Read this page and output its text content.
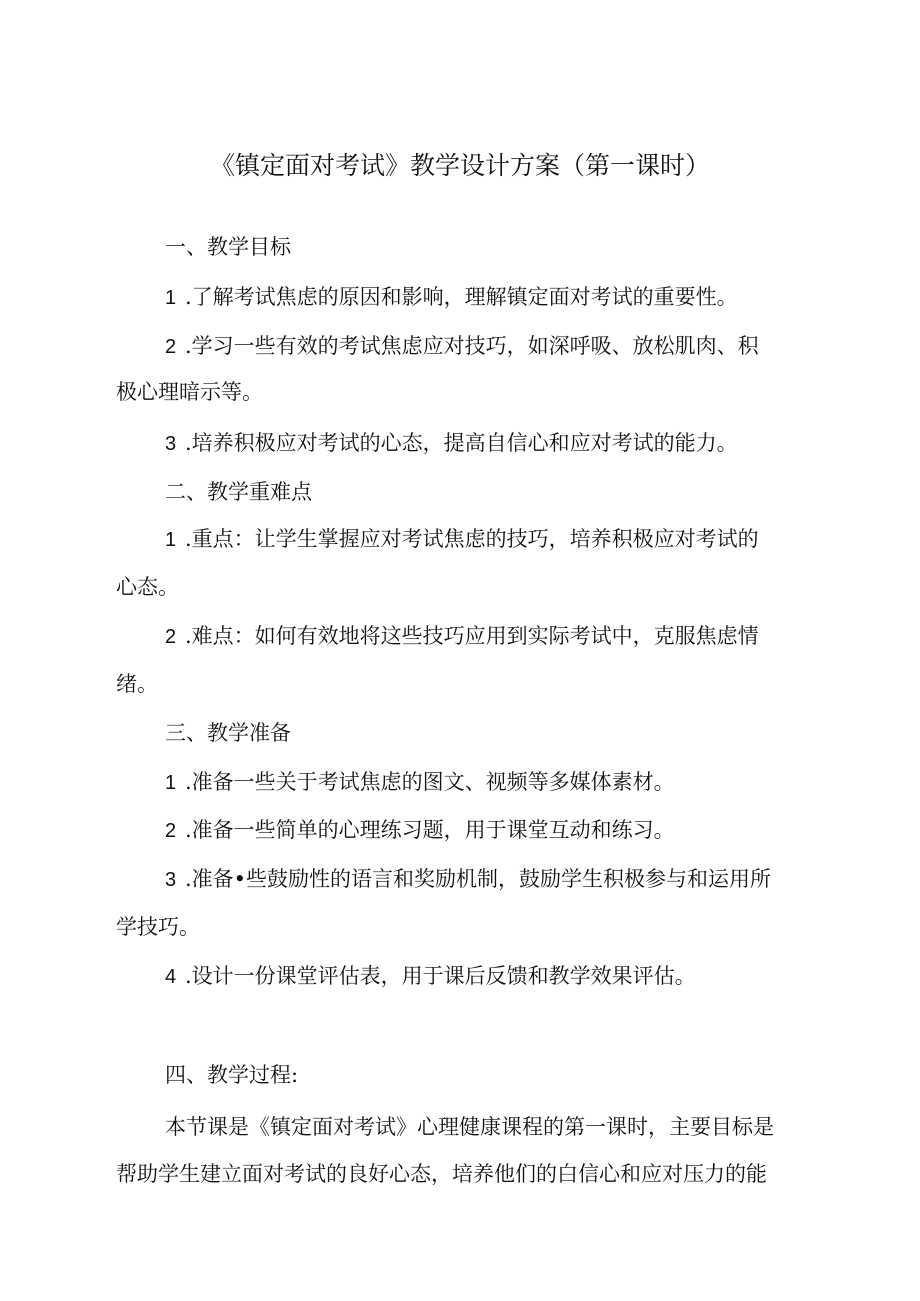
《镇定面对考试》教学设计方案（第一课时）
一、教学目标
1 .了解考试焦虑的原因和影响，理解镇定面对考试的重要性。
2 .学习一些有效的考试焦虑应对技巧，如深呼吸、放松肌肉、积
极心理暗示等。
3 .培养积极应对考试的心态，提高自信心和应对考试的能力。
二、教学重难点
1 .重点：让学生掌握应对考试焦虑的技巧，培养积极应对考试的
心态。
2 .难点：如何有效地将这些技巧应用到实际考试中，克服焦虑情
绪。
三、教学准备
1 .准备一些关于考试焦虑的图文、视频等多媒体素材。
2 .准备一些简单的心理练习题，用于课堂互动和练习。
3 .准备•些鼓励性的语言和奖励机制，鼓励学生积极参与和运用所
学技巧。
4 .设计一份课堂评估表，用于课后反馈和教学效果评估。
四、教学过程:
本节课是《镇定面对考试》心理健康课程的第一课时，主要目标是
帮助学生建立面对考试的良好心态，培养他们的白信心和应对压力的能
